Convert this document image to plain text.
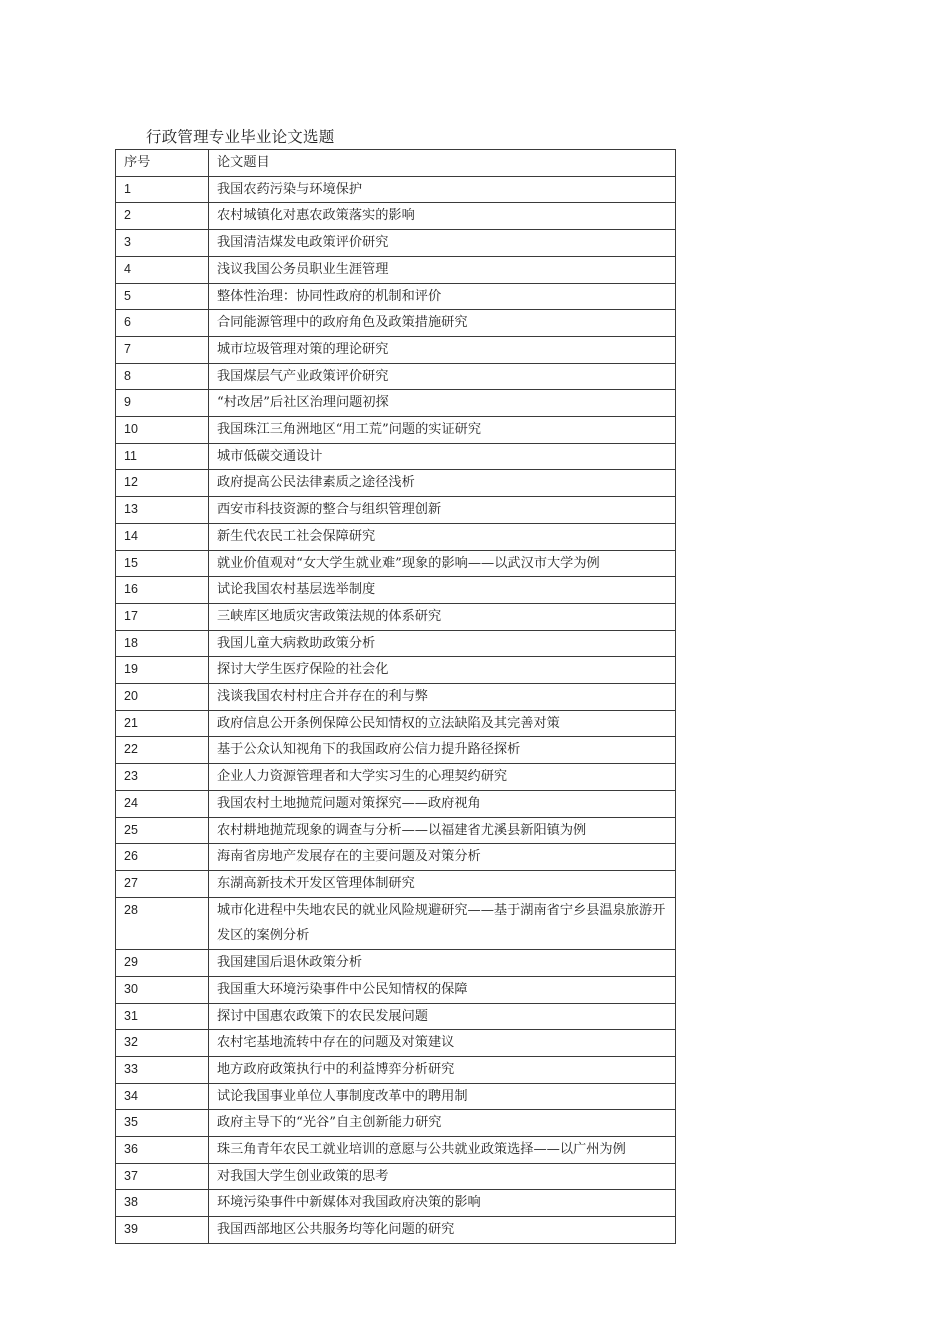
行政管理专业毕业论文选题
序号	论文题目
1	我国农药污染与环境保护
2	农村城镇化对惠农政策落实的影响
3	我国清洁煤发电政策评价研究
4	浅议我国公务员职业生涯管理
5	整体性治理：协同性政府的机制和评价
6	合同能源管理中的政府角色及政策措施研究
7	城市垃圾管理对策的理论研究
8	我国煤层气产业政策评价研究
9	“村改居”后社区治理问题初探
10	我国珠江三角洲地区“用工荒”问题的实证研究
11	城市低碳交通设计
12	政府提高公民法律素质之途径浅析
13	西安市科技资源的整合与组织管理创新
14	新生代农民工社会保障研究
15	就业价值观对“女大学生就业难”现象的影响——以武汉市大学为例
16	试论我国农村基层选举制度
17	三峡库区地质灾害政策法规的体系研究
18	我国儿童大病救助政策分析
19	探讨大学生医疗保险的社会化
20	浅谈我国农村村庄合并存在的利与弊
21	政府信息公开条例保障公民知情权的立法缺陷及其完善对策
22	基于公众认知视角下的我国政府公信力提升路径探析
23	企业人力资源管理者和大学实习生的心理契约研究
24	我国农村土地抛荒问题对策探究——政府视角
25	农村耕地抛荒现象的调查与分析——以福建省尤溪县新阳镇为例
26	海南省房地产发展存在的主要问题及对策分析
27	东湖高新技术开发区管理体制研究
28	城市化进程中失地农民的就业风险规避研究——基于湖南省宁乡县温泉旅游开发区的案例分析
29	我国建国后退休政策分析
30	我国重大环境污染事件中公民知情权的保障
31	探讨中国惠农政策下的农民发展问题
32	农村宅基地流转中存在的问题及对策建议
33	地方政府政策执行中的利益博弈分析研究
34	试论我国事业单位人事制度改革中的聘用制
35	政府主导下的“光谷”自主创新能力研究
36	珠三角青年农民工就业培训的意愿与公共就业政策选择——以广州为例
37	对我国大学生创业政策的思考
38	环境污染事件中新媒体对我国政府决策的影响
39	我国西部地区公共服务均等化问题的研究
